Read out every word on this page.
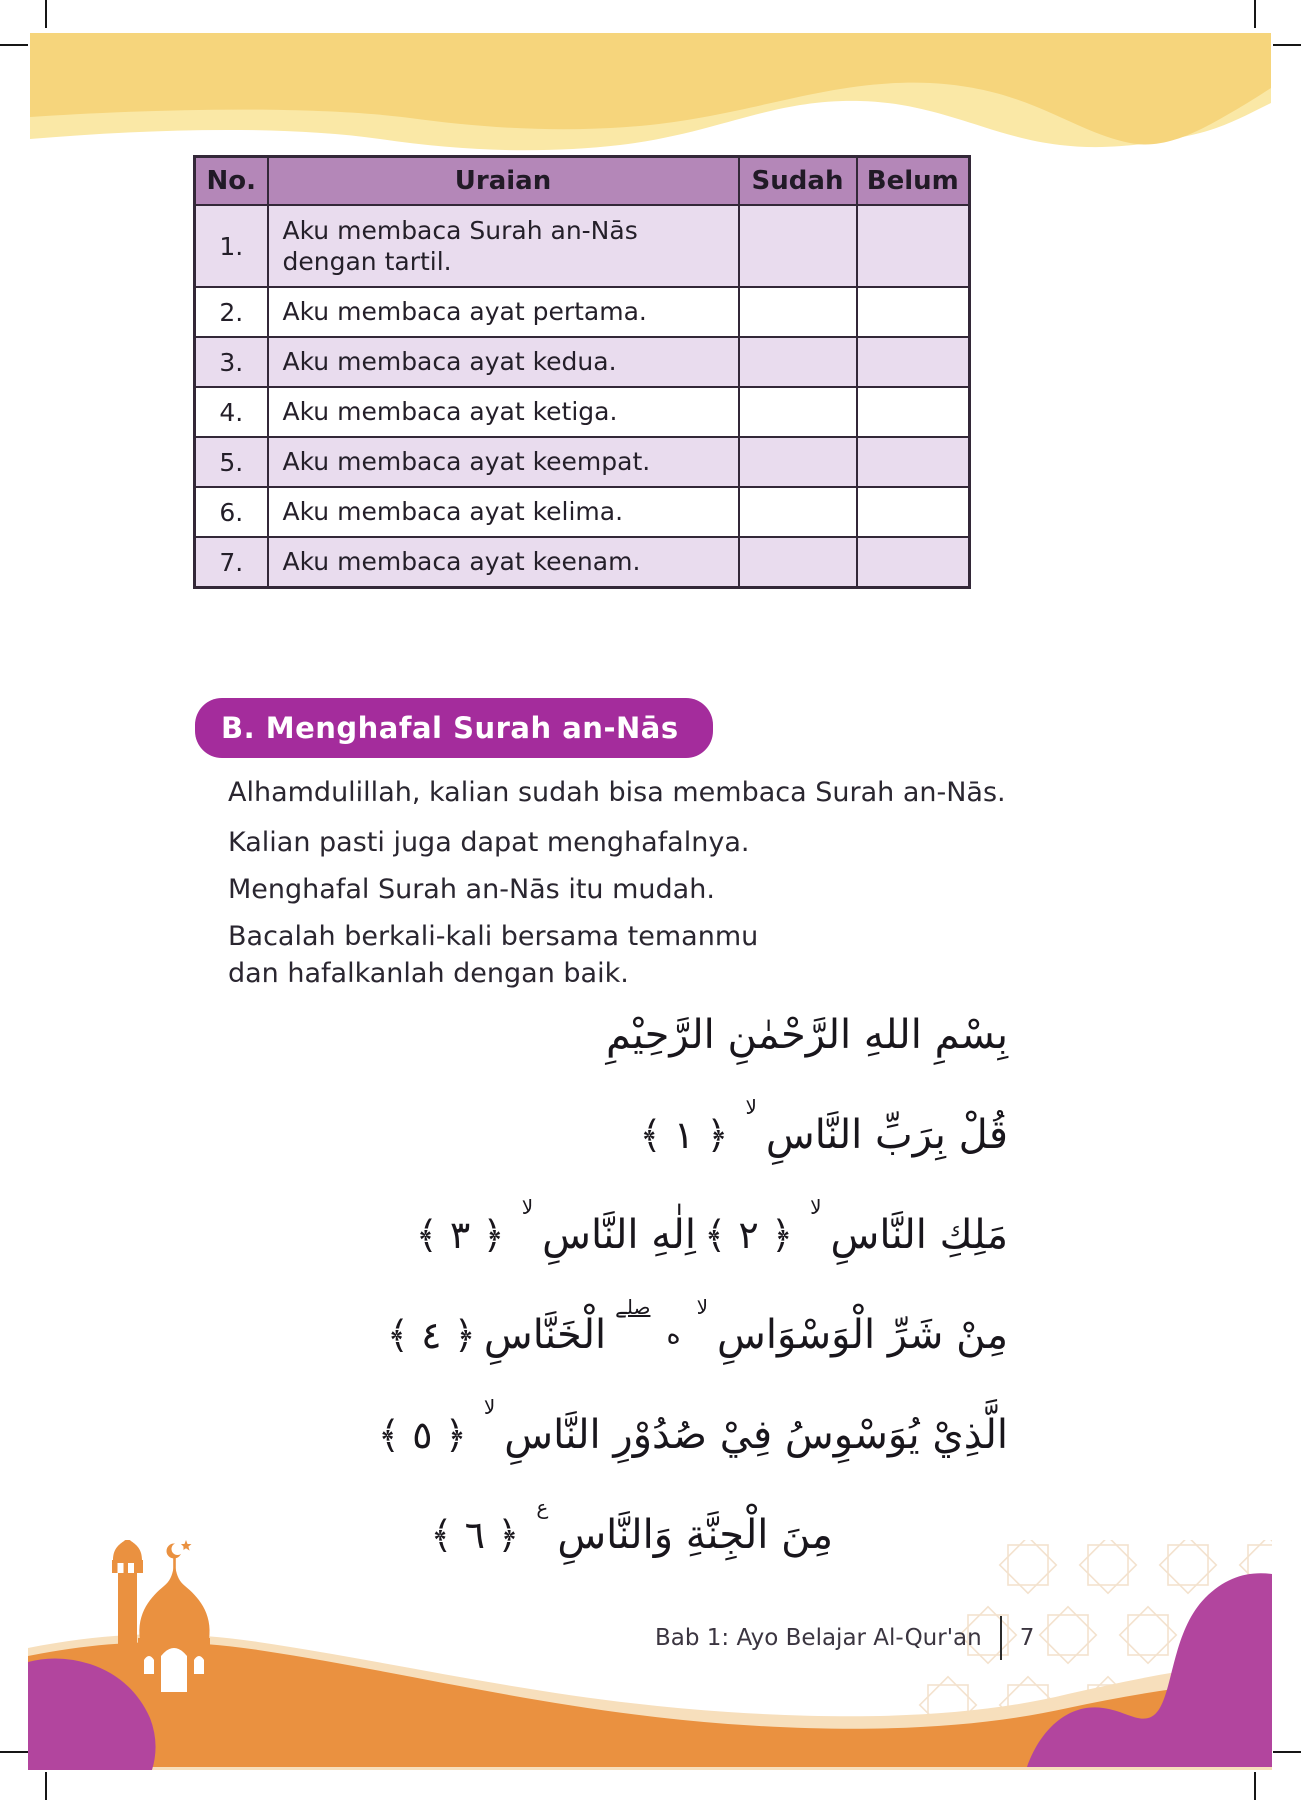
No.	Uraian	Sudah	Belum
1.	Aku membaca Surah an-Nās dengan tartil.		
2.	Aku membaca ayat pertama.		
3.	Aku membaca ayat kedua.		
4.	Aku membaca ayat ketiga.		
5.	Aku membaca ayat keempat.		
6.	Aku membaca ayat kelima.		
7.	Aku membaca ayat keenam.		
B. Menghafal Surah an-Nās
Alhamdulillah, kalian sudah bisa membaca Surah an-Nās.
Kalian pasti juga dapat menghafalnya.
Menghafal Surah an-Nās itu mudah.
Bacalah berkali-kali bersama temanmu
dan hafalkanlah dengan baik.
بِسْمِ اللهِ الرَّحْمٰنِ الرَّحِيْمِ
قُلْ بِرَبِّ النَّاسِلا﴿ ١ ﴾
مَلِكِ النَّاسِلا﴿ ٢ ﴾اِلٰهِ النَّاسِلا﴿ ٣ ﴾
مِنْ شَرِّ الْوَسْوَاسِلاەصلےالْخَنَّاسِ﴿ ٤ ﴾
الَّذِيْ يُوَسْوِسُ فِيْ صُدُوْرِ النَّاسِلا﴿ ٥ ﴾
مِنَ الْجِنَّةِ وَالنَّاسِع﴿ ٦ ﴾
Bab 1: Ayo Belajar Al-Qur'an 7
